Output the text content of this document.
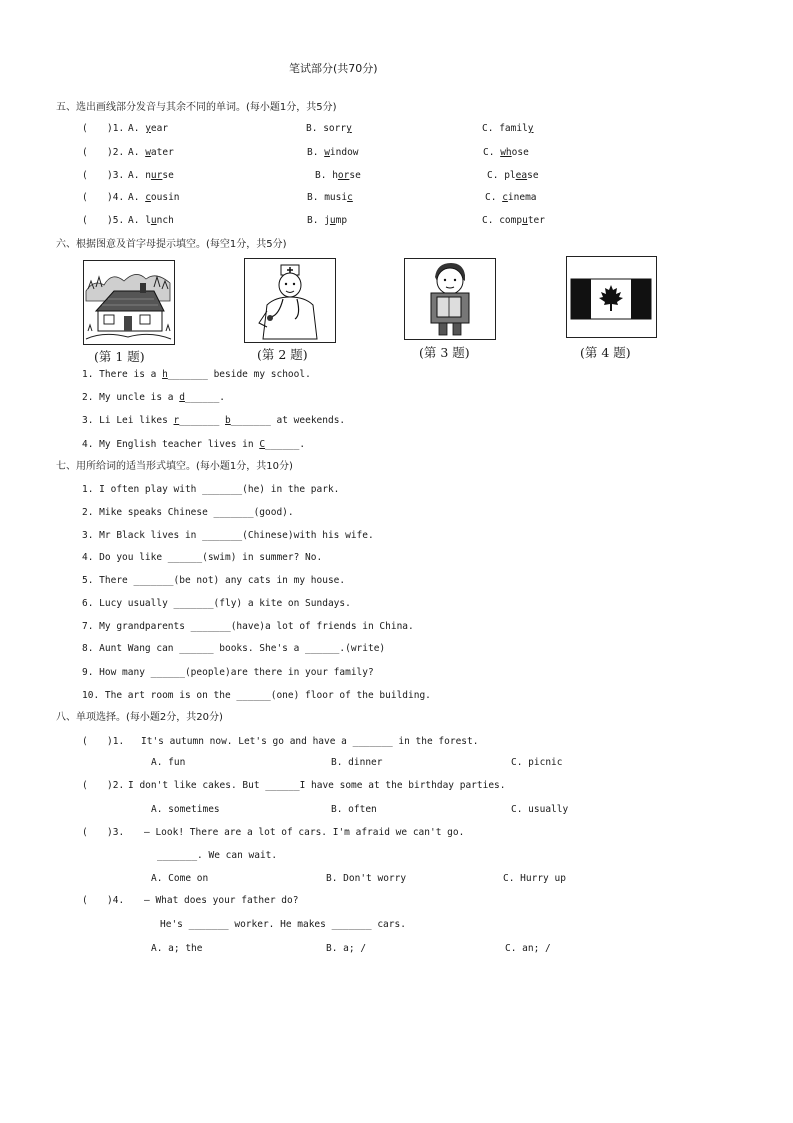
笔试部分(共70分)
五、选出画线部分发音与其余不同的单词。(每小题1分，共5分)
( )1. A. year	B. sorry	C. family
( )2. A. water	B. window	C. whose
( )3. A. nurse	B. horse	C. please
( )4. A. cousin	B. music	C. cinema
( )5. A. lunch	B. jump	C. computer
六、根据图意及首字母提示填空。(每空1分，共5分)
(第 1 题)	(第 2 题)	(第 3 题)	(第 4 题)
1. There is a h_______ beside my school.
2. My uncle is a d______.
3. Li Lei likes r_______ b_______ at weekends.
4. My English teacher lives in C______.
七、用所给词的适当形式填空。(每小题1分，共10分)
1. I often play with _______(he) in the park.
2. Mike speaks Chinese _______(good).
3. Mr Black lives in _______(Chinese)with his wife.
4. Do you like ______(swim) in summer? No.
5. There _______(be not) any cats in my house.
6. Lucy usually _______(fly) a kite on Sundays.
7. My grandparents _______(have)a lot of friends in China.
8. Aunt Wang can ______ books. She's a ______.(write)
9. How many ______(people)are there in your family?
10. The art room is on the ______(one) floor of the building.
八、单项选择。(每小题2分，共20分)
( )1. It's autumn now. Let's go and have a _______ in the forest.
A. fun	B. dinner	C. picnic
( )2. I don't like cakes. But ______I have some at the birthday parties.
A. sometimes	B. often	C. usually
( )3. — Look! There are a lot of cars. I'm afraid we can't go.
_______. We can wait.
A. Come on	B. Don't worry	C. Hurry up
( )4. — What does your father do?
He's _______ worker. He makes _______ cars.
A. a; the	B. a; /	C. an; /
